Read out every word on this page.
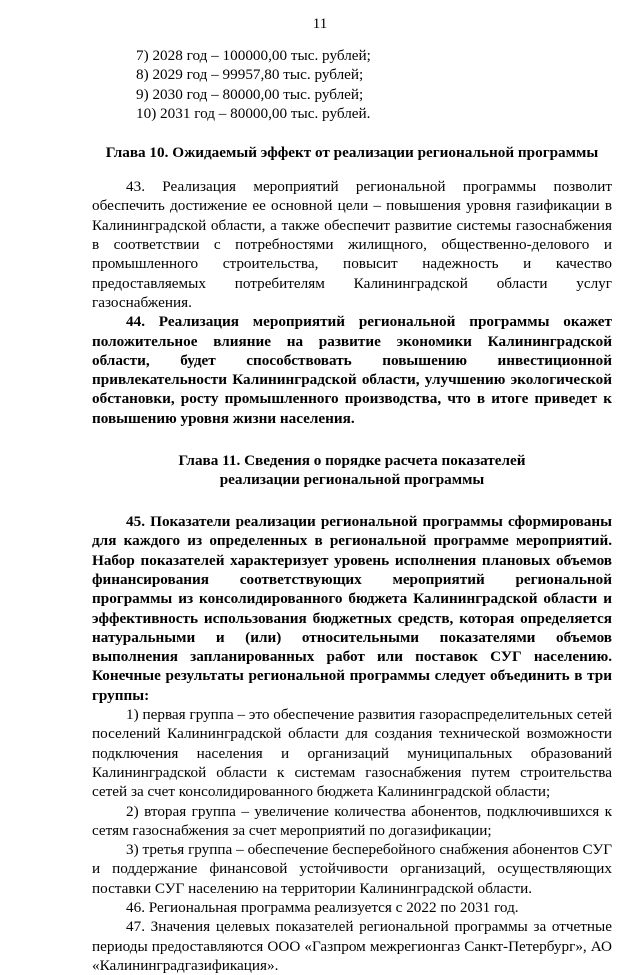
11
7) 2028 год – 100000,00 тыс. рублей;
8) 2029 год – 99957,80 тыс. рублей;
9) 2030 год – 80000,00 тыс. рублей;
10) 2031 год – 80000,00 тыс. рублей.
Глава 10. Ожидаемый эффект от реализации региональной программы

43. Реализация мероприятий региональной программы позволит обеспечить достижение ее основной цели – повышения уровня газификации в Калининградской области, а также обеспечит развитие системы газоснабжения в соответствии с потребностями жилищного, общественно-делового и промышленного строительства, повысит надежность и качество предоставляемых потребителям Калининградской области услуг газоснабжения.

44. Реализация мероприятий региональной программы окажет положительное влияние на развитие экономики Калининградской области, будет способствовать повышению инвестиционной привлекательности Калининградской области, улучшению экологической обстановки, росту промышленного производства, что в итоге приведет к повышению уровня жизни населения.

Глава 11. Сведения о порядке расчета показателей
реализации региональной программы

45. Показатели реализации региональной программы сформированы для каждого из определенных в региональной программе мероприятий. Набор показателей характеризует уровень исполнения плановых объемов финансирования соответствующих мероприятий региональной программы из консолидированного бюджета Калининградской области и эффективность использования бюджетных средств, которая определяется натуральными и (или) относительными показателями объемов выполнения запланированных работ или поставок СУГ населению. Конечные результаты региональной программы следует объединить в три группы:

1) первая группа – это обеспечение развития газораспределительных сетей поселений Калининградской области для создания технической возможности подключения населения и организаций муниципальных образований Калининградской области к системам газоснабжения путем строительства сетей за счет консолидированного бюджета Калининградской области;

2) вторая группа – увеличение количества абонентов, подключившихся к сетям газоснабжения за счет мероприятий по догазификации;

3) третья группа – обеспечение бесперебойного снабжения абонентов СУГ и поддержание финансовой устойчивости организаций, осуществляющих поставки СУГ населению на территории Калининградской области.

46. Региональная программа реализуется с 2022 по 2031 год.

47. Значения целевых показателей региональной программы за отчетные периоды предоставляются ООО «Газпром межрегионгаз Санкт-Петербург», АО «Калининградгазификация».
